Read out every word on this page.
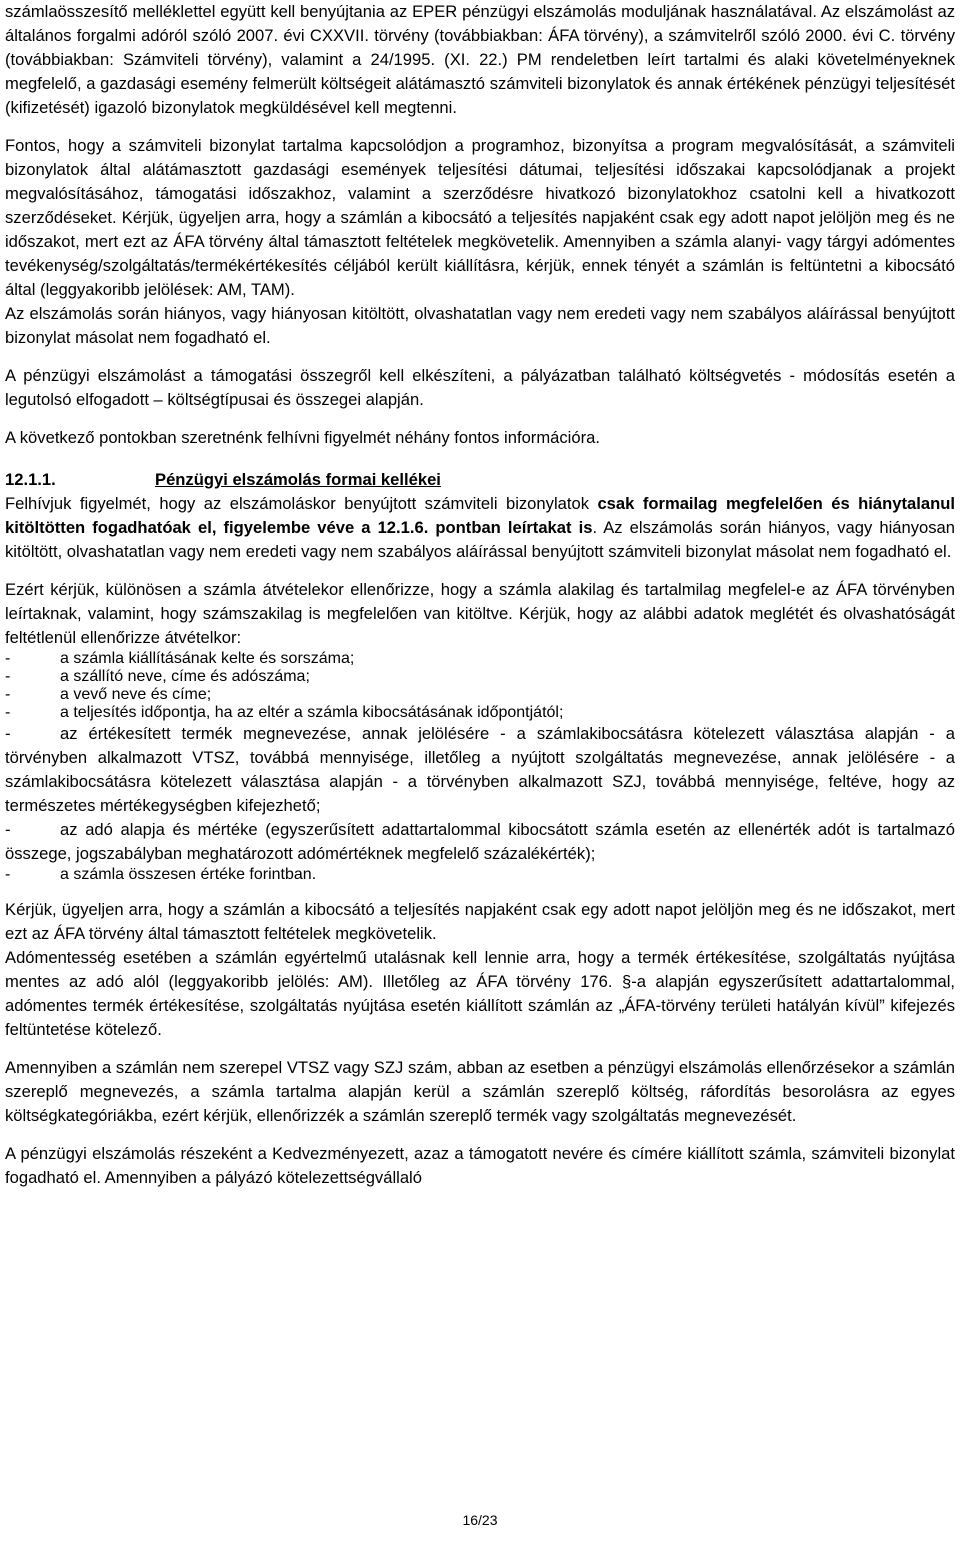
számlaösszesítő melléklettel együtt kell benyújtania az EPER pénzügyi elszámolás moduljának használatával. Az elszámolást az általános forgalmi adóról szóló 2007. évi CXXVII. törvény (továbbiakban: ÁFA törvény), a számvitelről szóló 2000. évi C. törvény (továbbiakban: Számviteli törvény), valamint a 24/1995. (XI. 22.) PM rendeletben leírt tartalmi és alaki követelményeknek megfelelő, a gazdasági esemény felmerült költségeit alátámasztó számviteli bizonylatok és annak értékének pénzügyi teljesítését (kifizetését) igazoló bizonylatok megküldésével kell megtenni.

Fontos, hogy a számviteli bizonylat tartalma kapcsolódjon a programhoz, bizonyítsa a program megvalósítását, a számviteli bizonylatok által alátámasztott gazdasági események teljesítési dátumai, teljesítési időszakai kapcsolódjanak a projekt megvalósításához, támogatási időszakhoz, valamint a szerződésre hivatkozó bizonylatokhoz csatolni kell a hivatkozott szerződéseket. Kérjük, ügyeljen arra, hogy a számlán a kibocsátó a teljesítés napjaként csak egy adott napot jelöljön meg és ne időszakot, mert ezt az ÁFA törvény által támasztott feltételek megkövetelik. Amennyiben a számla alanyi- vagy tárgyi adómentes tevékenység/szolgáltatás/termékértékesítés céljából került kiállításra, kérjük, ennek tényét a számlán is feltüntetni a kibocsátó által (leggyakoribb jelölések: AM, TAM).

Az elszámolás során hiányos, vagy hiányosan kitöltött, olvashatatlan vagy nem eredeti vagy nem szabályos aláírással benyújtott bizonylat másolat nem fogadható el.

A pénzügyi elszámolást a támogatási összegről kell elkészíteni, a pályázatban található költségvetés - módosítás esetén a legutolsó elfogadott – költségtípusai és összegei alapján.

A következő pontokban szeretnénk felhívni figyelmét néhány fontos információra.

12.1.1.	Pénzügyi elszámolás formai kellékei

Felhívjuk figyelmét, hogy az elszámoláskor benyújtott számviteli bizonylatok csak formailag megfelelően és hiánytalanul kitöltötten fogadhatóak el, figyelembe véve a 12.1.6. pontban leírtakat is. Az elszámolás során hiányos, vagy hiányosan kitöltött, olvashatatlan vagy nem eredeti vagy nem szabályos aláírással benyújtott számviteli bizonylat másolat nem fogadható el.

Ezért kérjük, különösen a számla átvételekor ellenőrizze, hogy a számla alakilag és tartalmilag megfelel-e az ÁFA törvényben leírtaknak, valamint, hogy számszakilag is megfelelően van kitöltve. Kérjük, hogy az alábbi adatok meglétét és olvashatóságát feltétlenül ellenőrizze átvételkor:

-	a számla kiállításának kelte és sorszáma;
-	a szállító neve, címe és adószáma;
-	a vevő neve és címe;
-	a teljesítés időpontja, ha az eltér a számla kibocsátásának időpontjától;

-	az értékesített termék megnevezése, annak jelölésére - a számlakibocsátásra kötelezett választása alapján - a törvényben alkalmazott VTSZ, továbbá mennyisége, illetőleg a nyújtott szolgáltatás megnevezése, annak jelölésére - a számlakibocsátásra kötelezett választása alapján - a törvényben alkalmazott SZJ, továbbá mennyisége, feltéve, hogy az természetes mértékegységben kifejezhető;

-	az adó alapja és mértéke (egyszerűsített adattartalommal kibocsátott számla esetén az ellenérték adót is tartalmazó összege, jogszabályban meghatározott adómértéknek megfelelő százalékérték);

-	a számla összesen értéke forintban.

Kérjük, ügyeljen arra, hogy a számlán a kibocsátó a teljesítés napjaként csak egy adott napot jelöljön meg és ne időszakot, mert ezt az ÁFA törvény által támasztott feltételek megkövetelik.

Adómentesség esetében a számlán egyértelmű utalásnak kell lennie arra, hogy a termék értékesítése, szolgáltatás nyújtása mentes az adó alól (leggyakoribb jelölés: AM). Illetőleg az ÁFA törvény 176. §-a alapján egyszerűsített adattartalommal, adómentes termék értékesítése, szolgáltatás nyújtása esetén kiállított számlán az „ÁFA-törvény területi hatályán kívül” kifejezés feltüntetése kötelező.

Amennyiben a számlán nem szerepel VTSZ vagy SZJ szám, abban az esetben a pénzügyi elszámolás ellenőrzésekor a számlán szereplő megnevezés, a számla tartalma alapján kerül a számlán szereplő költség, ráfordítás besorolásra az egyes költségkategóriákba, ezért kérjük, ellenőrizzék a számlán szereplő termék vagy szolgáltatás megnevezését.

A pénzügyi elszámolás részeként a Kedvezményezett, azaz a támogatott nevére és címére kiállított számla, számviteli bizonylat fogadható el. Amennyiben a pályázó kötelezettségvállaló

16/23
